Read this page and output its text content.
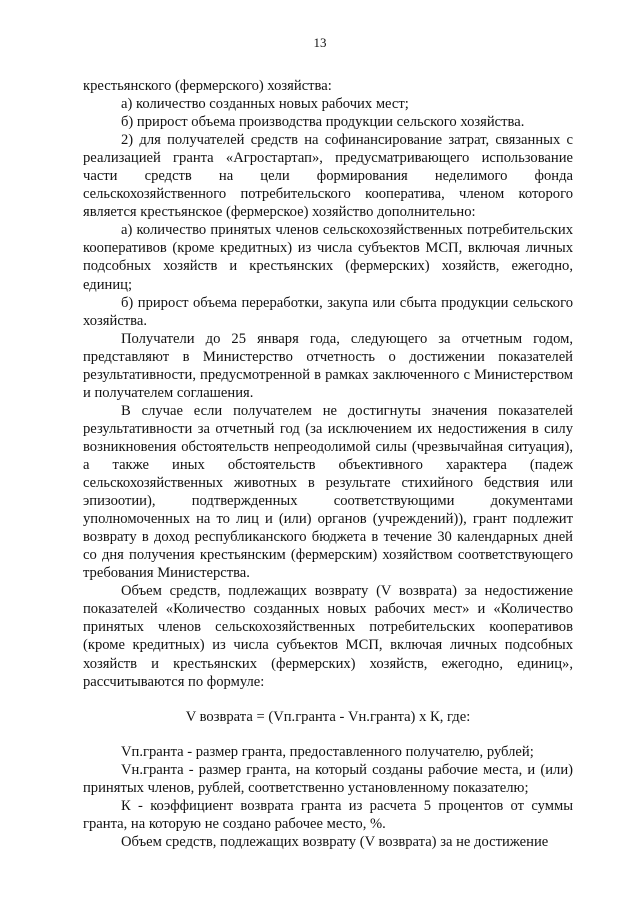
13

крестьянского (фермерского) хозяйства:

а) количество созданных новых рабочих мест;

б) прирост объема производства продукции сельского хозяйства.

2) для получателей средств на софинансирование затрат, связанных с реализацией гранта «Агростартап», предусматривающего использование части средств на цели формирования неделимого фонда сельскохозяйственного потребительского кооператива, членом которого является крестьянское (фермерское) хозяйство дополнительно:

а) количество принятых членов сельскохозяйственных потребительских кооперативов (кроме кредитных) из числа субъектов МСП, включая личных подсобных хозяйств и крестьянских (фермерских) хозяйств, ежегодно, единиц;

б) прирост объема переработки, закупа или сбыта продукции сельского хозяйства.

Получатели до 25 января года, следующего за отчетным годом, представляют в Министерство отчетность о достижении показателей результативности, предусмотренной в рамках заключенного с Министерством и получателем соглашения.

В случае если получателем не достигнуты значения показателей результативности за отчетный год (за исключением их недостижения в силу возникновения обстоятельств непреодолимой силы (чрезвычайная ситуация), а также иных обстоятельств объективного характера (падеж сельскохозяйственных животных в результате стихийного бедствия или эпизоотии), подтвержденных соответствующими документами уполномоченных на то лиц и (или) органов (учреждений)), грант подлежит возврату в доход республиканского бюджета в течение 30 календарных дней со дня получения крестьянским (фермерским) хозяйством соответствующего требования Министерства.

Объем средств, подлежащих возврату (V возврата) за недостижение показателей «Количество созданных новых рабочих мест» и «Количество принятых членов сельскохозяйственных потребительских кооперативов (кроме кредитных) из числа субъектов МСП, включая личных подсобных хозяйств и крестьянских (фермерских) хозяйств, ежегодно, единиц», рассчитываются по формуле:

V возврата = (Vп.гранта - Vн.гранта) х К, где:

Vп.гранта - размер гранта, предоставленного получателю, рублей;

Vн.гранта - размер гранта, на который созданы рабочие места, и (или) принятых членов, рублей, соответственно установленному показателю;

К - коэффициент возврата гранта из расчета 5 процентов от суммы гранта, на которую не создано рабочее место, %.

Объем средств, подлежащих возврату (V возврата) за не достижение
